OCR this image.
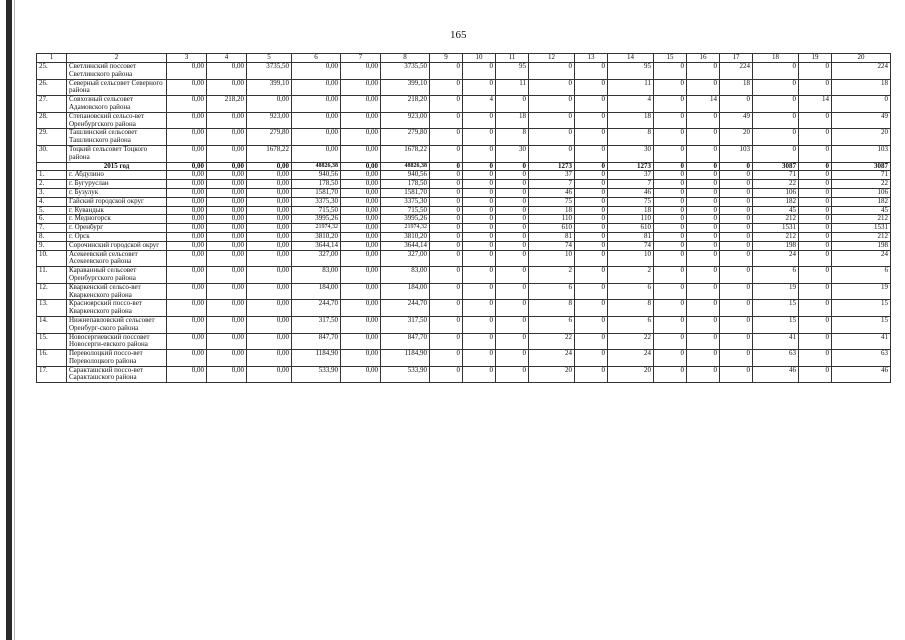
165
1	2	3	4	5	6	7	8	9	10	11	12	13	14	15	16	17	18	19	20
25.	Светлинский поссовет Светлинского района	0,00	0,00	3735,50	0,00	0,00	3735,50	0	0	95	0	0	95	0	0	224	0	0	224
26.	Северный сельсовет Северного района	0,00	0,00	399,10	0,00	0,00	399,10	0	0	11	0	0	11	0	0	18	0	0	18
27.	Совхозный сельсовет Адамовского района	0,00	218,20	0,00	0,00	0,00	218,20	0	4	0	0	0	4	0	14	0	0	14	0
28.	Степановский сельсо-вет Оренбургского района	0,00	0,00	923,00	0,00	0,00	923,00	0	0	18	0	0	18	0	0	49	0	0	49
29.	Ташлинский сельсовет Ташлинского района	0,00	0,00	279,80	0,00	0,00	279,80	0	0	8	0	0	8	0	0	20	0	0	20
30.	Тоцкий сельсовет Тоцкого района	0,00	0,00	1678,22	0,00	0,00	1678,22	0	0	30	0	0	30	0	0	103	0	0	103
	2015 год	0,00	0,00	0,00	48826,38	0,00	48826,38	0	0	0	1273	0	1273	0	0	0	3087	0	3087
1.	г. Абдулино	0,00	0,00	0,00	940,56	0,00	940,56	0	0	0	37	0	37	0	0	0	71	0	71
2.	г. Бугуруслан	0,00	0,00	0,00	178,50	0,00	178,50	0	0	0	7	0	7	0	0	0	22	0	22
3.	г. Бузулук	0,00	0,00	0,00	1581,70	0,00	1581,70	0	0	0	46	0	46	0	0	0	106	0	106
4.	Гайский городской округ	0,00	0,00	0,00	3375,30	0,00	3375,30	0	0	0	75	0	75	0	0	0	182	0	182
5.	г. Кувандык	0,00	0,00	0,00	715,50	0,00	715,50	0	0	0	18	0	18	0	0	0	45	0	45
6.	г. Медногорск	0,00	0,00	0,00	3995,26	0,00	3995,26	0	0	0	110	0	110	0	0	0	212	0	212
7.	г. Оренбург	0,00	0,00	0,00	21974,32	0,00	21974,32	0	0	0	610	0	610	0	0	0	1531	0	1531
8.	г. Орск	0,00	0,00	0,00	3810,20	0,00	3810,20	0	0	0	81	0	81	0	0	0	212	0	212
9.	Сорочинский городской округ	0,00	0,00	0,00	3644,14	0,00	3644,14	0	0	0	74	0	74	0	0	0	198	0	198
10.	Асекеевский сельсовет Асекеевского района	0,00	0,00	0,00	327,00	0,00	327,00	0	0	0	10	0	10	0	0	0	24	0	24
11.	Караванный сельсовет Оренбургского района	0,00	0,00	0,00	83,00	0,00	83,00	0	0	0	2	0	2	0	0	0	6	0	6
12.	Кваркенский сельсо-вет Кваркенского района	0,00	0,00	0,00	184,00	0,00	184,00	0	0	0	6	0	6	0	0	0	19	0	19
13.	Красноярский поссо-вет Кваркенского района	0,00	0,00	0,00	244,70	0,00	244,70	0	0	0	8	0	8	0	0	0	15	0	15
14.	Нижнепавловский сельсовет Оренбург-ского района	0,00	0,00	0,00	317,50	0,00	317,50	0	0	0	6	0	6	0	0	0	15	0	15
15.	Новосергиевский поссовет Новосерги-евского района	0,00	0,00	0,00	847,70	0,00	847,70	0	0	0	22	0	22	0	0	0	41	0	41
16.	Переволоцкий поссо-вет Переволоцкого района	0,00	0,00	0,00	1184,90	0,00	1184,90	0	0	0	24	0	24	0	0	0	63	0	63
17.	Саракташский поссо-вет Саракташского района	0,00	0,00	0,00	533,90	0,00	533,90	0	0	0	20	0	20	0	0	0	46	0	46
